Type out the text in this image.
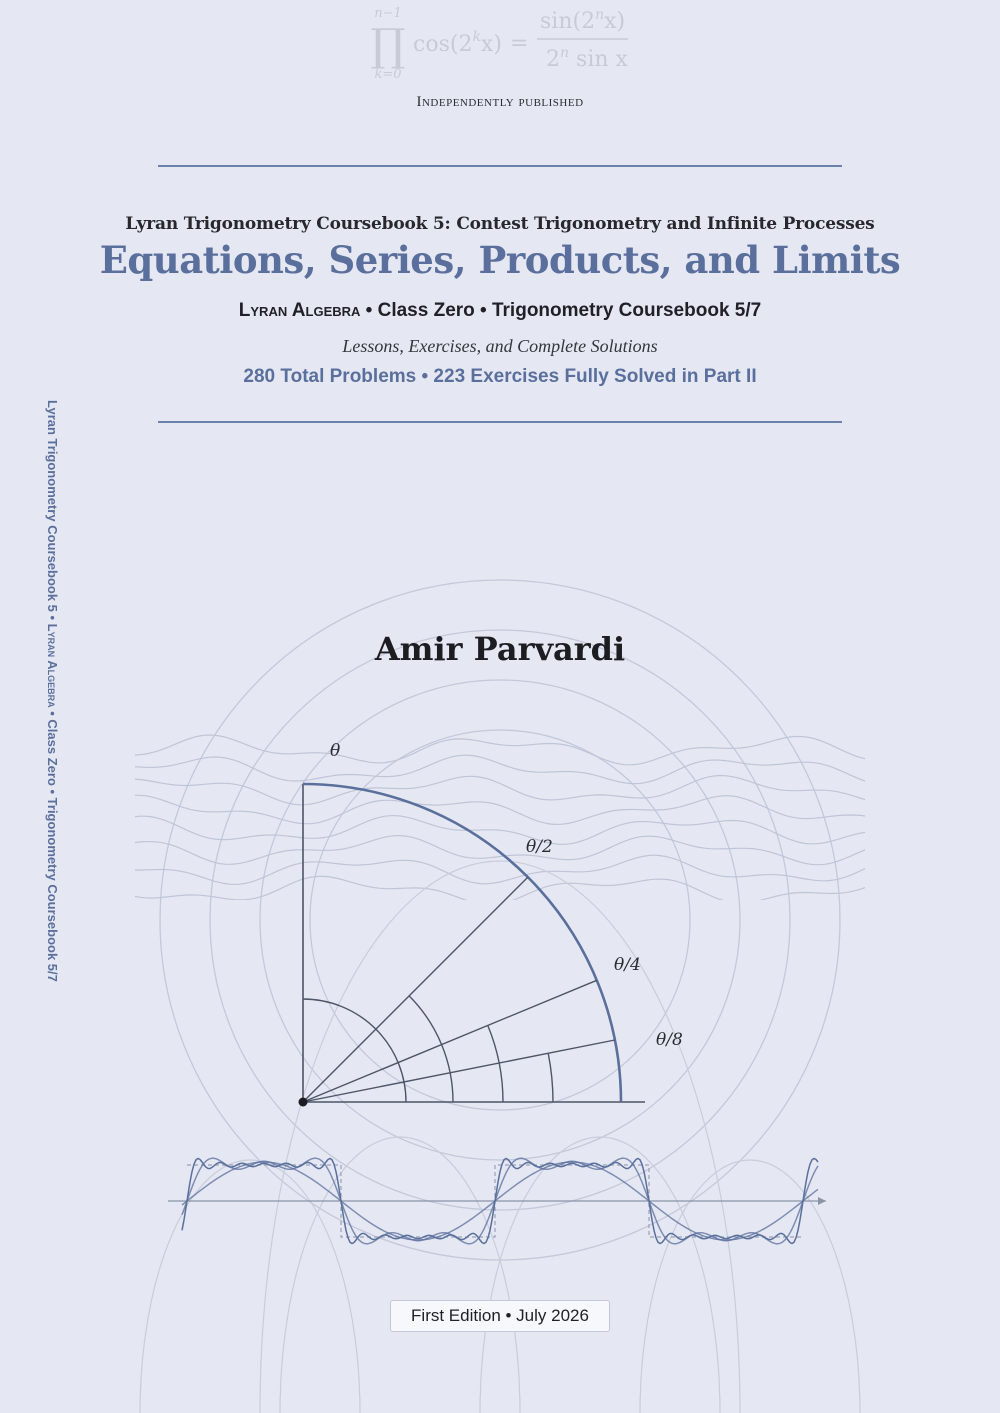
n−1
∏
k=0
$\cos(2^kx)$ =
$\sin(2^nx)$
2$^n$ sin x
Independently published
Lyran Trigonometry Coursebook 5: Contest Trigonometry and Infinite Processes
Equations, Series, Products, and Limits
Lyran Algebra • Class Zero • Trigonometry Coursebook 5/7
Lessons, Exercises, and Complete Solutions
280 Total Problems • 223 Exercises Fully Solved in Part II
Lyran Trigonometry Coursebook 5 • Lyran Algebra • Class Zero • Trigonometry Coursebook 5/7	θ
θ/2
θ/4
θ/8
Amir Parvardi
First Edition • July 2026
